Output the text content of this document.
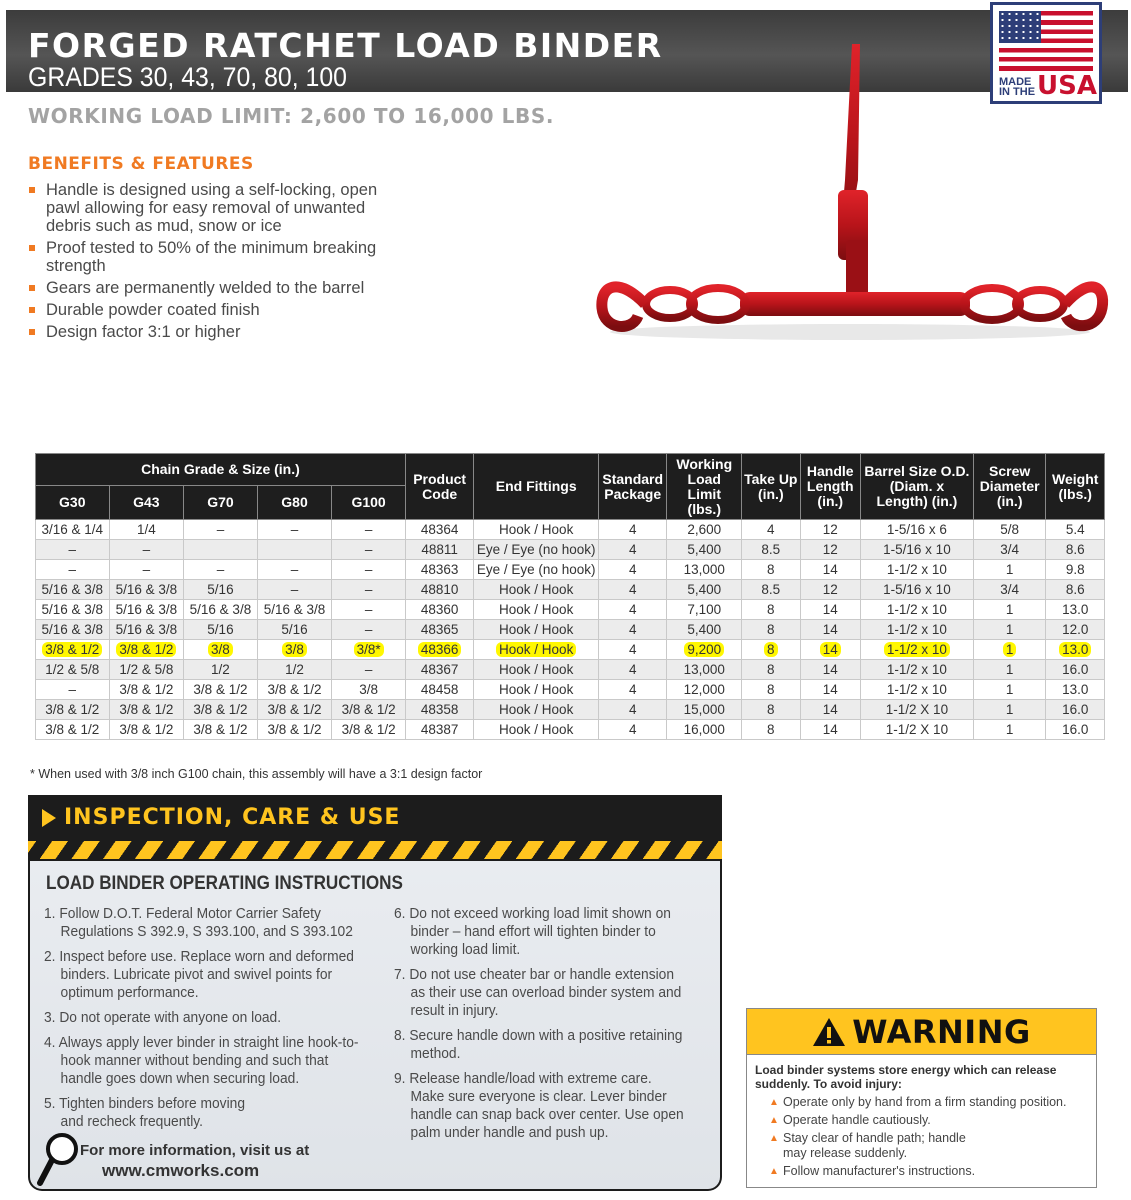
FORGED RATCHET LOAD BINDER
GRADES 30, 43, 70, 80, 100	MADE IN THE USA
WORKING LOAD LIMIT: 2,600 TO 16,000 LBS.
BENEFITS & FEATURES
Handle is designed using a self-locking, open pawl allowing for easy removal of unwanted debris such as mud, snow or ice
Proof tested to 50% of the minimum breaking strength
Gears are permanently welded to the barrel
Durable powder coated finish
Design factor 3:1 or higher
Chain Grade & Size (in.)					Product Code	End Fittings	Standard Package	Working Load Limit (lbs.)	Take Up (in.)	Handle Length (in.)	Barrel Size O.D. (Diam. x Length) (in.)	Screw Diameter (in.)	Weight (lbs.)
G30	G43	G70	G80	G100									
3/16 & 1/4	1/4	–	–	–	48364	Hook / Hook	4	2,600	4	12	1-5/16 x 6	5/8	5.4
–	–			–	48811	Eye / Eye (no hook)	4	5,400	8.5	12	1-5/16 x 10	3/4	8.6
–	–	–	–	–	48363	Eye / Eye (no hook)	4	13,000	8	14	1-1/2 x 10	1	9.8
5/16 & 3/8	5/16 & 3/8	5/16	–	–	48810	Hook / Hook	4	5,400	8.5	12	1-5/16 x 10	3/4	8.6
5/16 & 3/8	5/16 & 3/8	5/16 & 3/8	5/16 & 3/8	–	48360	Hook / Hook	4	7,100	8	14	1-1/2 x 10	1	13.0
5/16 & 3/8	5/16 & 3/8	5/16	5/16	–	48365	Hook / Hook	4	5,400	8	14	1-1/2 x 10	1	12.0
3/8 & 1/2	3/8 & 1/2	3/8	3/8	3/8*	48366	Hook / Hook	4	9,200	8	14	1-1/2 x 10	1	13.0
1/2 & 5/8	1/2 & 5/8	1/2	1/2	–	48367	Hook / Hook	4	13,000	8	14	1-1/2 x 10	1	16.0
–	3/8 & 1/2	3/8 & 1/2	3/8 & 1/2	3/8	48458	Hook / Hook	4	12,000	8	14	1-1/2 x 10	1	13.0
3/8 & 1/2	3/8 & 1/2	3/8 & 1/2	3/8 & 1/2	3/8 & 1/2	48358	Hook / Hook	4	15,000	8	14	1-1/2 X 10	1	16.0
3/8 & 1/2	3/8 & 1/2	3/8 & 1/2	3/8 & 1/2	3/8 & 1/2	48387	Hook / Hook	4	16,000	8	14	1-1/2 X 10	1	16.0
* When used with 3/8 inch G100 chain, this assembly will have a 3:1 design factor
INSPECTION, CARE & USE
LOAD BINDER OPERATING INSTRUCTIONS
1. Follow D.O.T. Federal Motor Carrier Safety Regulations S 392.9, S 393.100, and S 393.102
2. Inspect before use. Replace worn and deformed binders. Lubricate pivot and swivel points for optimum performance.
3. Do not operate with anyone on load.
4. Always apply lever binder in straight line hook-to-hook manner without bending and such that handle goes down when securing load.
5. Tighten binders before moving and recheck frequently.
6. Do not exceed working load limit shown on binder – hand effort will tighten binder to working load limit.
7. Do not use cheater bar or handle extension as their use can overload binder system and result in injury.
8. Secure handle down with a positive retaining method.
9. Release handle/load with extreme care. Make sure everyone is clear. Lever binder handle can snap back over center. Use open palm under handle and push up.
For more information, visit us at
www.cmworks.com
WARNING
Load binder systems store energy which can release suddenly. To avoid injury:
▲ Operate only by hand from a firm standing position.
▲ Operate handle cautiously.
▲ Stay clear of handle path; handle may release suddenly.
▲ Follow manufacturer's instructions.
